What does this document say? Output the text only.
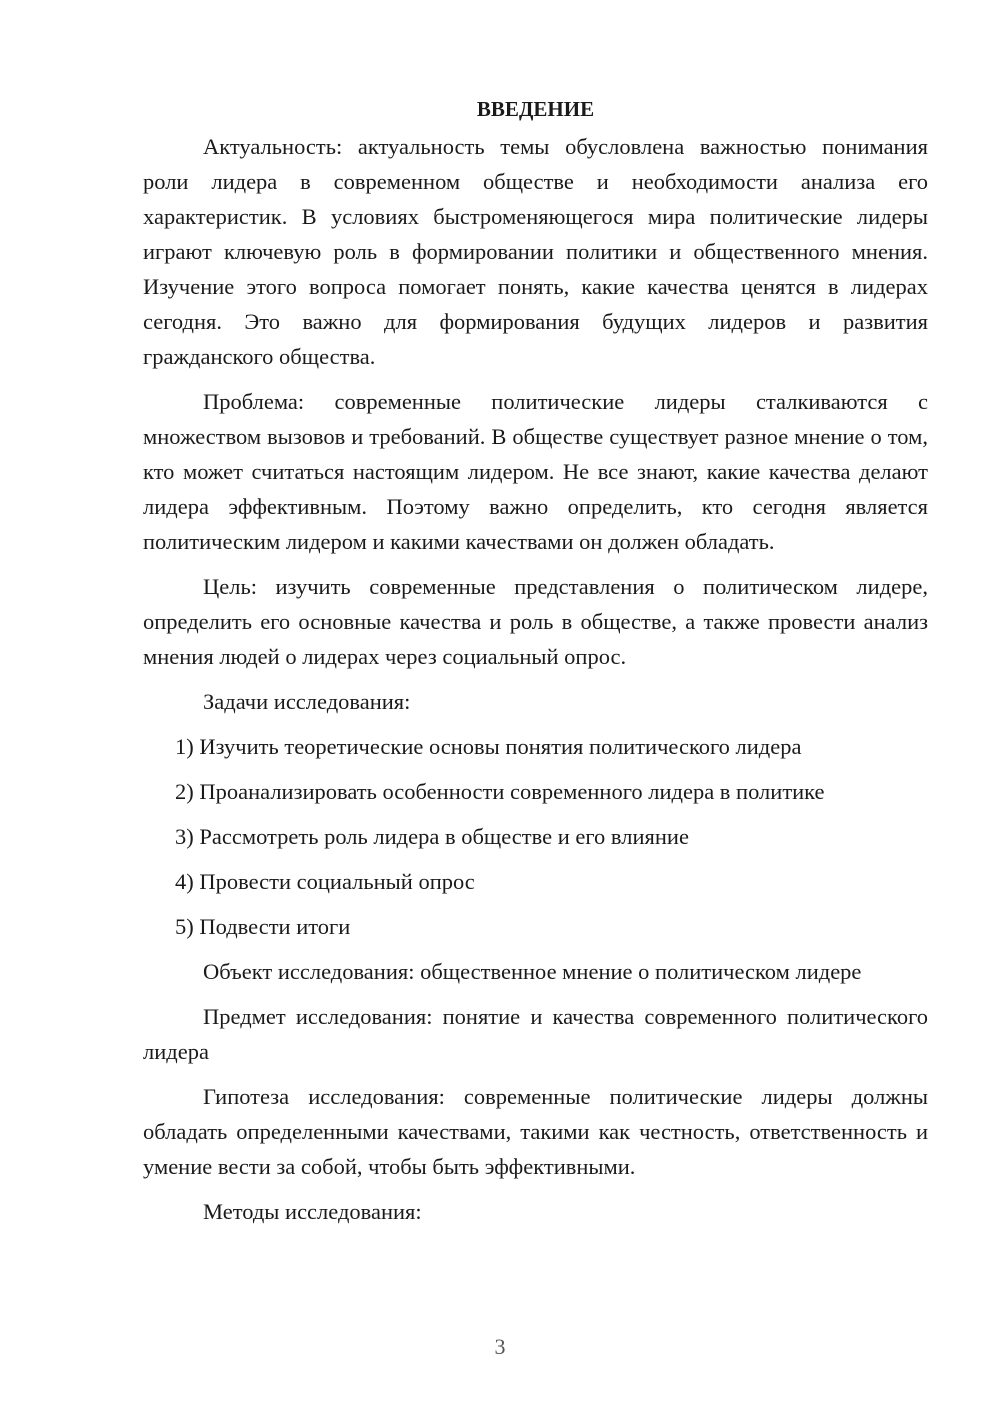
ВВЕДЕНИЕ

Актуальность: актуальность темы обусловлена важностью понимания роли лидера в современном обществе и необходимости анализа его характеристик. В условиях быстроменяющегося мира политические лидеры играют ключевую роль в формировании политики и общественного мнения. Изучение этого вопроса помогает понять, какие качества ценятся в лидерах сегодня. Это важно для формирования будущих лидеров и развития гражданского общества.

Проблема: современные политические лидеры сталкиваются с множеством вызовов и требований. В обществе существует разное мнение о том, кто может считаться настоящим лидером. Не все знают, какие качества делают лидера эффективным. Поэтому важно определить, кто сегодня является политическим лидером и какими качествами он должен обладать.

Цель: изучить современные представления о политическом лидере, определить его основные качества и роль в обществе, а также провести анализ мнения людей о лидерах через социальный опрос.

Задачи исследования:

1) Изучить теоретические основы понятия политического лидера
2) Проанализировать особенности современного лидера в политике
3) Рассмотреть роль лидера в обществе и его влияние
4) Провести социальный опрос
5) Подвести итоги

Объект исследования: общественное мнение о политическом лидере

Предмет исследования: понятие и качества современного политического лидера

Гипотеза исследования: современные политические лидеры должны обладать определенными качествами, такими как честность, ответственность и умение вести за собой, чтобы быть эффективными.

Методы исследования:

3
